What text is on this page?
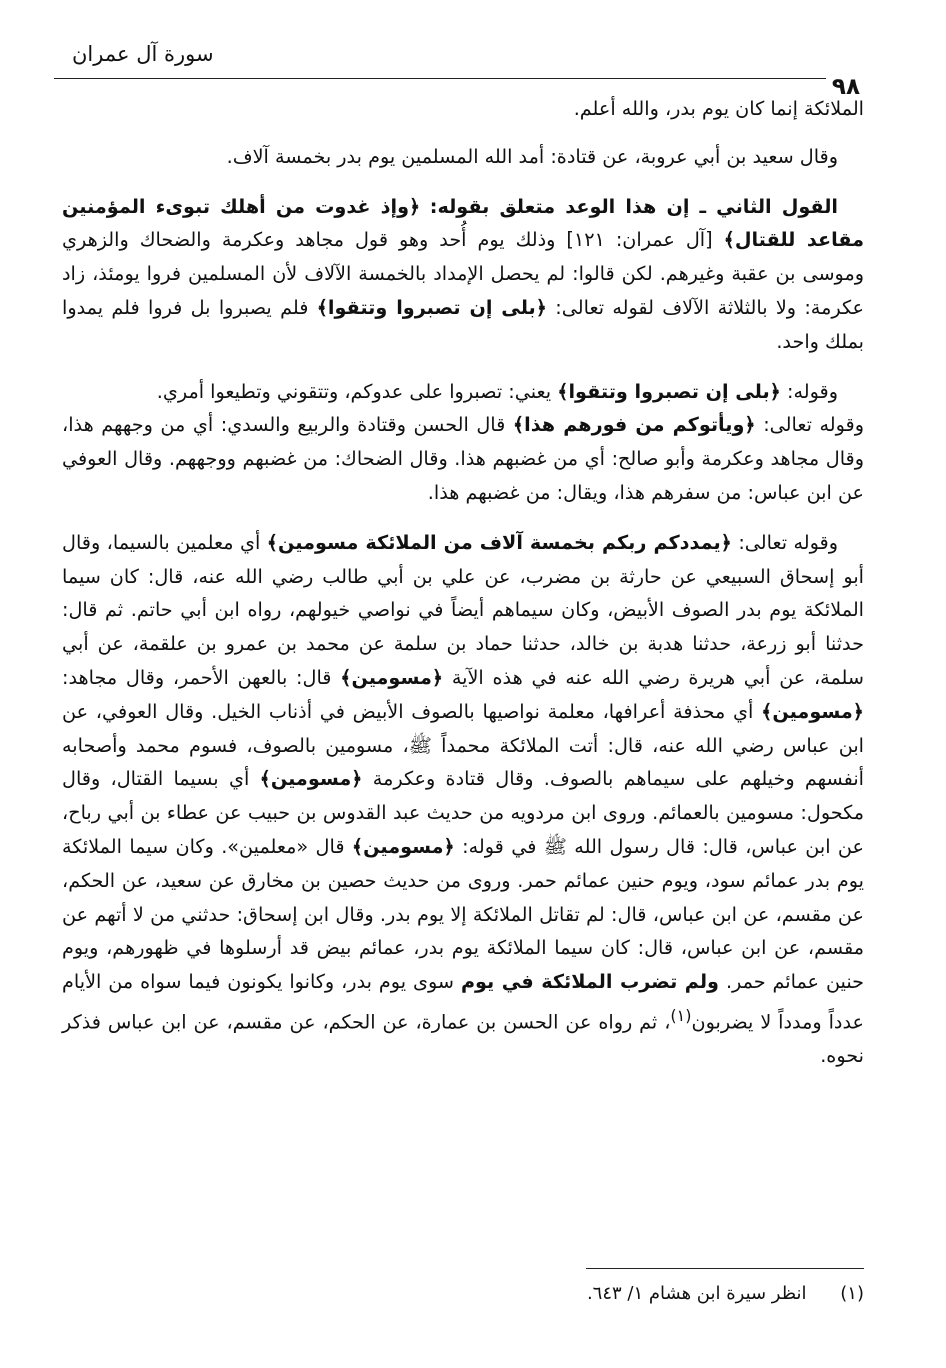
سورة آل عمران
٩٨

الملائكة إنما كان يوم بدر، والله أعلم.

وقال سعيد بن أبي عروبة، عن قتادة: أمد الله المسلمين يوم بدر بخمسة آلاف.

القول الثاني ـ إن هذا الوعد متعلق بقوله: ﴿وإذ غدوت من أهلك تبوىء المؤمنين مقاعد للقتال﴾ [آل عمران: ١٢١] وذلك يوم أُحد وهو قول مجاهد وعكرمة والضحاك والزهري وموسى بن عقبة وغيرهم. لكن قالوا: لم يحصل الإمداد بالخمسة الآلاف لأن المسلمين فروا يومئذ، زاد عكرمة: ولا بالثلاثة الآلاف لقوله تعالى: ﴿بلى إن تصبروا وتتقوا﴾ فلم يصبروا بل فروا فلم يمدوا بملك واحد.

وقوله: ﴿بلى إن تصبروا وتتقوا﴾ يعني: تصبروا على عدوكم، وتتقوني وتطيعوا أمري.

وقوله تعالى: ﴿ويأتوكم من فورهم هذا﴾ قال الحسن وقتادة والربيع والسدي: أي من وجههم هذا، وقال مجاهد وعكرمة وأبو صالح: أي من غضبهم هذا. وقال الضحاك: من غضبهم ووجههم. وقال العوفي عن ابن عباس: من سفرهم هذا، ويقال: من غضبهم هذا.

وقوله تعالى: ﴿يمددكم ربكم بخمسة آلاف من الملائكة مسومين﴾ أي معلمين بالسيما، وقال أبو إسحاق السبيعي عن حارثة بن مضرب، عن علي بن أبي طالب رضي الله عنه، قال: كان سيما الملائكة يوم بدر الصوف الأبيض، وكان سيماهم أيضاً في نواصي خيولهم، رواه ابن أبي حاتم. ثم قال: حدثنا أبو زرعة، حدثنا هدبة بن خالد، حدثنا حماد بن سلمة عن محمد بن عمرو بن علقمة، عن أبي سلمة، عن أبي هريرة رضي الله عنه في هذه الآية ﴿مسومين﴾ قال: بالعهن الأحمر، وقال مجاهد: ﴿مسومين﴾ أي محذفة أعرافها، معلمة نواصيها بالصوف الأبيض في أذناب الخيل. وقال العوفي، عن ابن عباس رضي الله عنه، قال: أتت الملائكة محمداً ﷺ، مسومين بالصوف، فسوم محمد وأصحابه أنفسهم وخيلهم على سيماهم بالصوف. وقال قتادة وعكرمة ﴿مسومين﴾ أي بسيما القتال، وقال مكحول: مسومين بالعمائم. وروى ابن مردويه من حديث عبد القدوس بن حبيب عن عطاء بن أبي رباح، عن ابن عباس، قال: قال رسول الله ﷺ في قوله: ﴿مسومين﴾ قال «معلمين». وكان سيما الملائكة يوم بدر عمائم سود، ويوم حنين عمائم حمر. وروى من حديث حصين بن مخارق عن سعيد، عن الحكم، عن مقسم، عن ابن عباس، قال: لم تقاتل الملائكة إلا يوم بدر. وقال ابن إسحاق: حدثني من لا أتهم عن مقسم، عن ابن عباس، قال: كان سيما الملائكة يوم بدر، عمائم بيض قد أرسلوها في ظهورهم، ويوم حنين عمائم حمر. ولم تضرب الملائكة في يوم سوى يوم بدر، وكانوا يكونون فيما سواه من الأيام عدداً ومدداً لا يضربون$^{(١)}$، ثم رواه عن الحسن بن عمارة، عن الحكم، عن مقسم، عن ابن عباس فذكر نحوه.

(١) انظر سيرة ابن هشام ١/ ٦٤٣.
